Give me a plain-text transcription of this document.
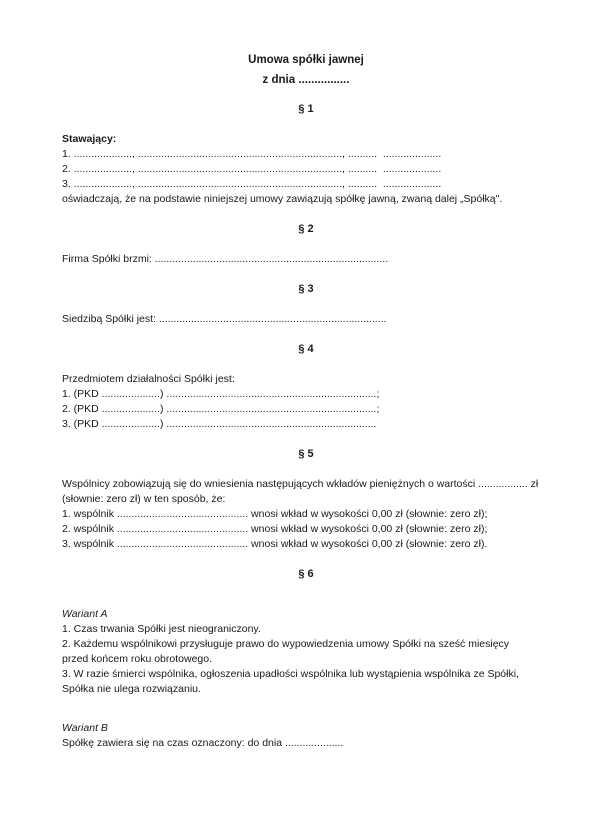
Umowa spółki jawnej
z dnia ................
§ 1
Stawający:
1. ...................., ......................................................................, ..........  ....................
2. ...................., ......................................................................, ..........  ....................
3. ...................., ......................................................................, ..........  ....................
oświadczają, że na podstawie niniejszej umowy zawiązują spółkę jawną, zwaną dalej „Spółką".
§ 2
Firma Spółki brzmi: ................................................................................
§ 3
Siedzibą Spółki jest: ..............................................................................
§ 4
Przedmiotem działalności Spółki jest:
1. (PKD ....................) ........................................................................;
2. (PKD ....................) ........................................................................;
3. (PKD ....................) ........................................................................
§ 5
Wspólnicy zobowiązują się do wniesienia następujących wkładów pieniężnych o wartości ................. zł
(słownie: zero zł) w ten sposób, że:
1. wspólnik ............................................. wnosi wkład w wysokości 0,00 zł (słownie: zero zł);
2. wspólnik ............................................. wnosi wkład w wysokości 0,00 zł (słownie: zero zł);
3. wspólnik ............................................. wnosi wkład w wysokości 0,00 zł (słownie: zero zł).
§ 6
Wariant A
1. Czas trwania Spółki jest nieograniczony.
2. Każdemu wspólnikowi przysługuje prawo do wypowiedzenia umowy Spółki na sześć miesięcy
przed końcem roku obrotowego.
3. W razie śmierci wspólnika, ogłoszenia upadłości wspólnika lub wystąpienia wspólnika ze Spółki,
Spółka nie ulega rozwiązaniu.
Wariant B
Spółkę zawiera się na czas oznaczony: do dnia ....................
